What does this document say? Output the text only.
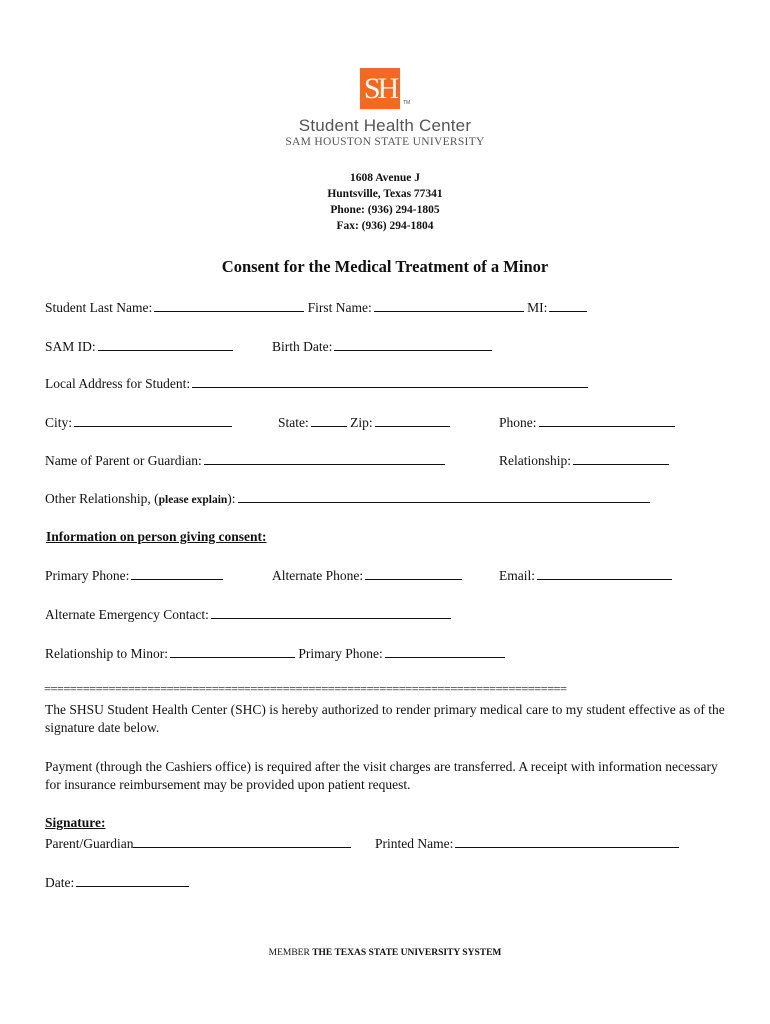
SH	TM
Student Health Center
SAM HOUSTON STATE UNIVERSITY
1608 Avenue J
Huntsville, Texas 77341
Phone: (936) 294-1805
Fax: (936) 294-1804
Consent for the Medical Treatment of a Minor
Student Last Name:	First Name:	MI:
SAM ID:	Birth Date:
Local Address for Student:
City:	State:	Zip:	Phone:
Name of Parent or Guardian:	Relationship:
Other Relationship, (please explain):
Information on person giving consent:
Primary Phone:	Alternate Phone:	Email:
Alternate Emergency Contact:
Relationship to Minor:	Primary Phone:
=================================================================================
The SHSU Student Health Center (SHC) is hereby authorized to render primary medical care to my student effective as of the signature date below.
Payment (through the Cashiers office) is required after the visit charges are transferred. A receipt with information necessary for insurance reimbursement may be provided upon patient request.
Signature:
Parent/Guardian	Printed Name:
Date:
MEMBER THE TEXAS STATE UNIVERSITY SYSTEM
